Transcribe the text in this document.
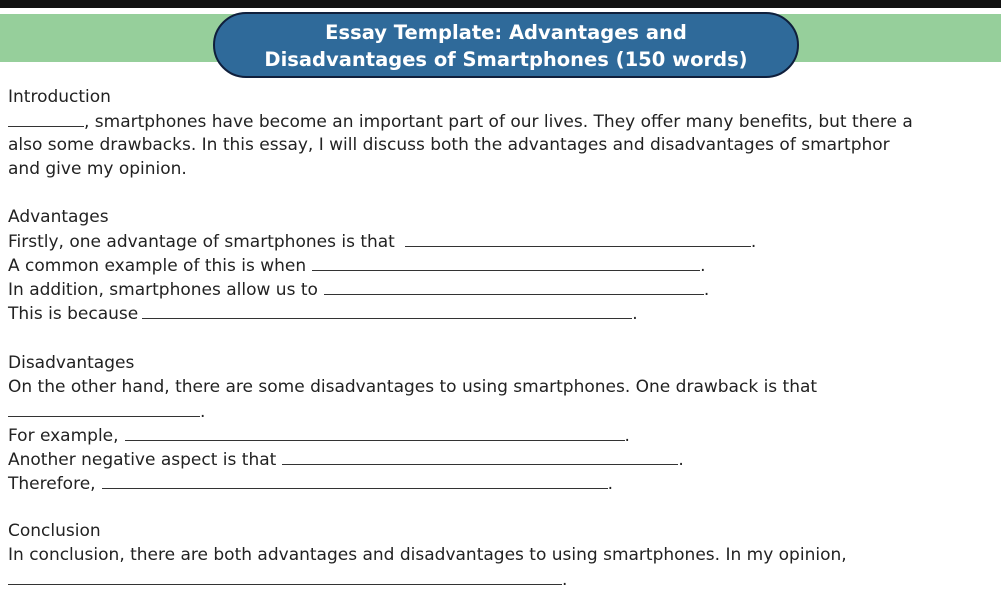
Essay Template: Advantages and
Disadvantages of Smartphones (150 words)
Introduction
, smartphones have become an important part of our lives. They offer many benefits, but there a
also some drawbacks. In this essay, I will discuss both the advantages and disadvantages of smartphor
and give my opinion.
Advantages
Firstly, one advantage of smartphones is that	.
A common example of this is when	.
In addition, smartphones allow us to	.
This is because	.
Disadvantages
On the other hand, there are some disadvantages to using smartphones. One drawback is that
.
For example,	.
Another negative aspect is that	.
Therefore,	.
Conclusion
In conclusion, there are both advantages and disadvantages to using smartphones. In my opinion,
.
